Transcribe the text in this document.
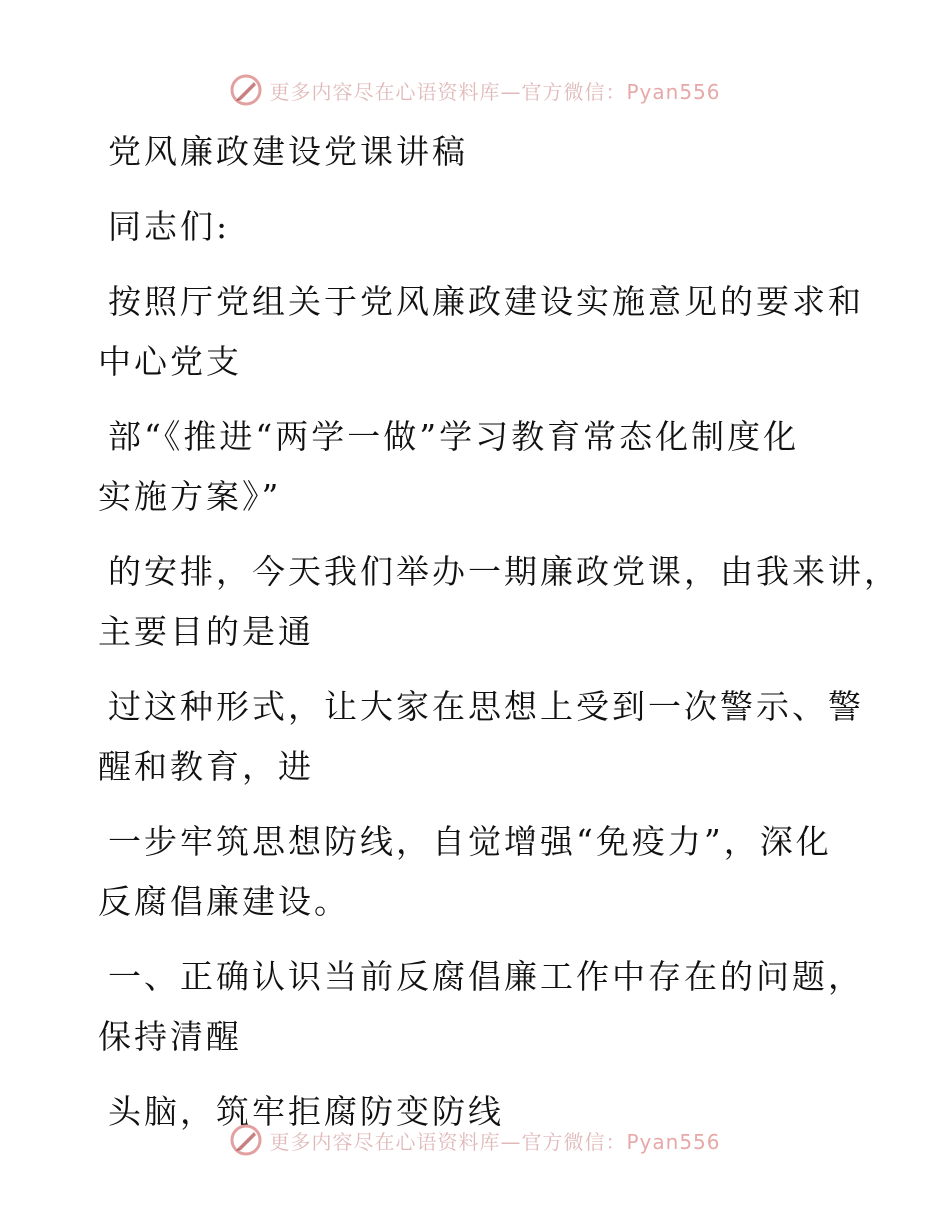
更多内容尽在心语资料库—官方微信：Pyan556
党风廉政建设党课讲稿
同志们:
按照厅党组关于党风廉政建设实施意见的要求和
中心党支
部“《推进“两学一做”学习教育常态化制度化
实施方案》”
的安排，今天我们举办一期廉政党课，由我来讲，
主要目的是通
过这种形式，让大家在思想上受到一次警示、警
醒和教育，进
一步牢筑思想防线，自觉增强“免疫力”，深化
反腐倡廉建设。
一、正确认识当前反腐倡廉工作中存在的问题，
保持清醒
头脑，筑牢拒腐防变防线
更多内容尽在心语资料库—官方微信：Pyan556
